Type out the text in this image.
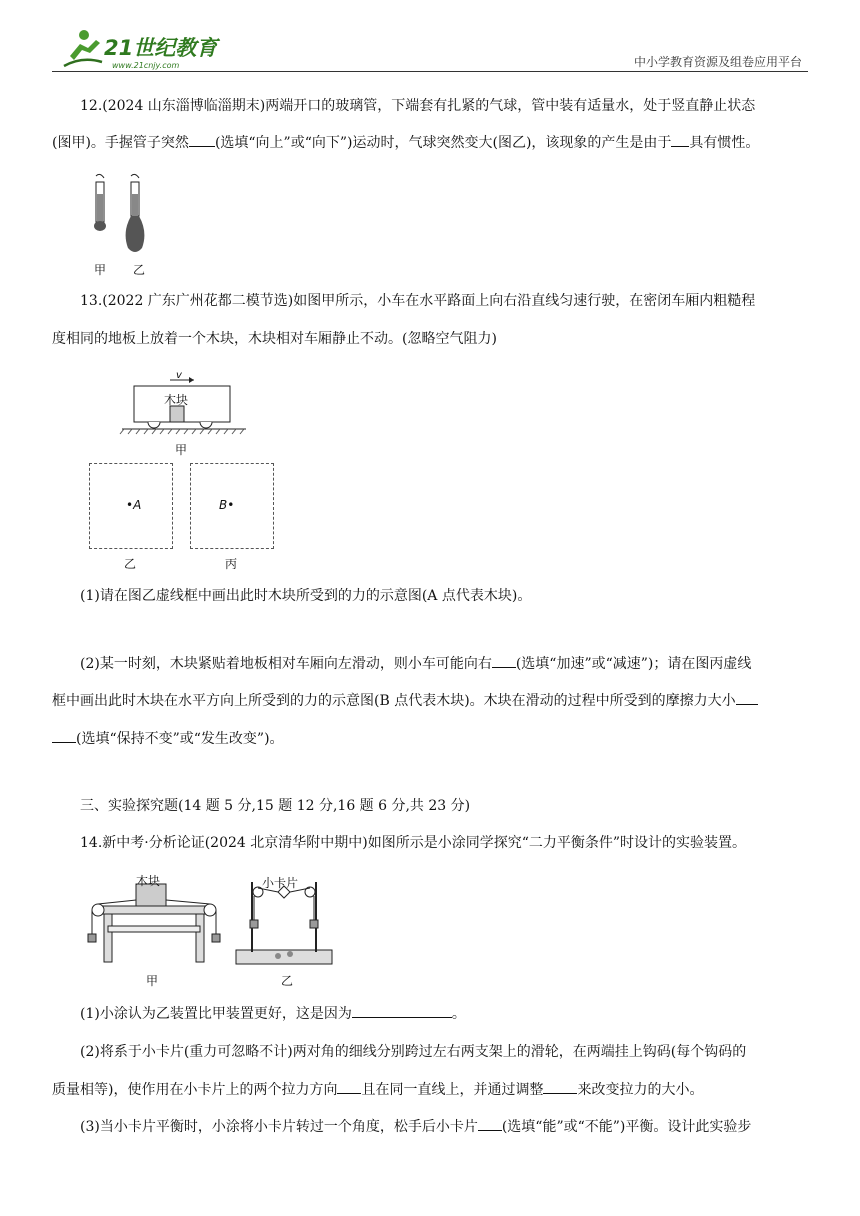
21世纪教育
www.21cnjy.com	中小学教育资源及组卷应用平台
12.(2024 山东淄博临淄期末)两端开口的玻璃管，下端套有扎紧的气球，管中装有适量水，处于竖直静止状态
(图甲)。手握管子突然 (选填“向上”或“向下”)运动时，气球突然变大(图乙)，该现象的产生是由于 具有惯性。
甲 乙
13.(2022 广东广州花都二模节选)如图甲所示，小车在水平路面上向右沿直线匀速行驶，在密闭车厢内粗糙程
度相同的地板上放着一个木块，木块相对车厢静止不动。(忽略空气阻力)
v
木块
甲
•A	B•
乙	丙
(1)请在图乙虚线框中画出此时木块所受到的力的示意图(A 点代表木块)。
(2)某一时刻，木块紧贴着地板相对车厢向左滑动，则小车可能向右 (选填“加速”或“减速”)；请在图丙虚线
框中画出此时木块在水平方向上所受到的力的示意图(B 点代表木块)。木块在滑动的过程中所受到的摩擦力大小
(选填“保持不变”或“发生改变”)。
三、实验探究题(14 题 5 分,15 题 12 分,16 题 6 分,共 23 分)
14.新中考·分析论证(2024 北京清华附中期中)如图所示是小涂同学探究“二力平衡条件”时设计的实验装置。
木块
甲
小卡片
乙
(1)小涂认为乙装置比甲装置更好，这是因为	。
(2)将系于小卡片(重力可忽略不计)两对角的细线分别跨过左右两支架上的滑轮，在两端挂上钩码(每个钩码的
质量相等)，使作用在小卡片上的两个拉力方向 且在同一直线上，并通过调整 来改变拉力的大小。
(3)当小卡片平衡时，小涂将小卡片转过一个角度，松手后小卡片 (选填“能”或“不能”)平衡。设计此实验步
